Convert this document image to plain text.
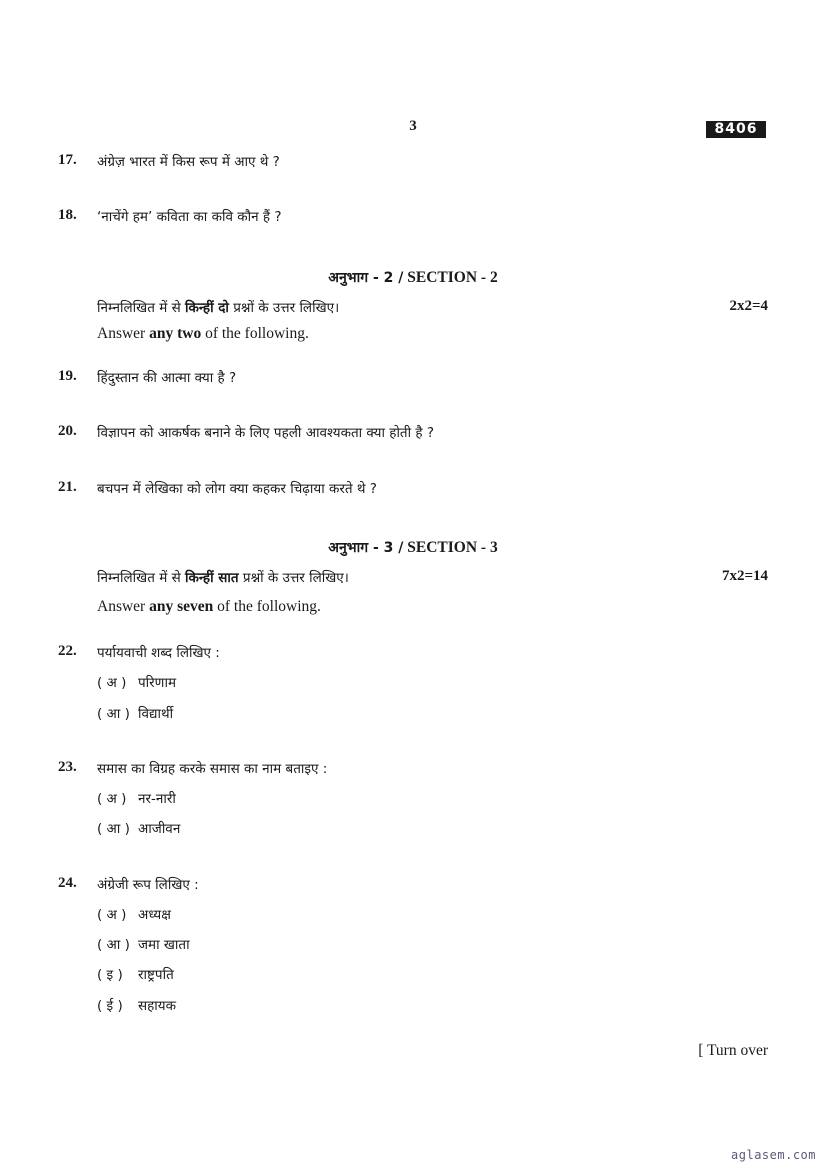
3	8406
17. अंग्रेज़ भारत में किस रूप में आए थे ?
18. ‘नाचेंगे हम’ कविता का कवि कौन हैं ?
अनुभाग - 2 / SECTION - 2
निम्नलिखित में से किन्हीं दो प्रश्नों के उत्तर लिखिए।	2x2=4
Answer any two of the following.
19. हिंदुस्तान की आत्मा क्या है ?
20. विज्ञापन को आकर्षक बनाने के लिए पहली आवश्यकता क्या होती है ?
21. बचपन में लेखिका को लोग क्या कहकर चिढ़ाया करते थे ?
अनुभाग - 3 / SECTION - 3
निम्नलिखित में से किन्हीं सात प्रश्नों के उत्तर लिखिए।	7x2=14
Answer any seven of the following.
22. पर्यायवाची शब्द लिखिए :
( अ ) परिणाम
( आ ) विद्यार्थी
23. समास का विग्रह करके समास का नाम बताइए :
( अ ) नर-नारी
( आ ) आजीवन
24. अंग्रेजी रूप लिखिए :
( अ ) अध्यक्ष
( आ ) जमा खाता
( इ ) राष्ट्रपति
( ई ) सहायक
[ Turn over
aglasem.com
